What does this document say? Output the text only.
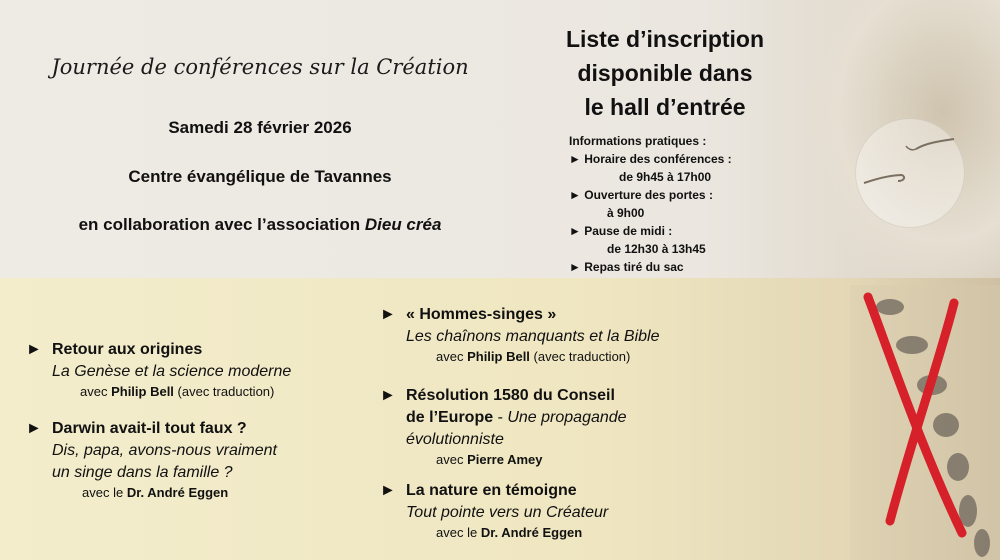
Journée de conférences sur la Création
Samedi 28 février 2026
Centre évangélique de Tavannes
en collaboration avec l’association Dieu créa
Liste d’inscription
disponible dans
le hall d’entrée
Informations pratiques :
► Horaire des conférences :
de 9h45 à 17h00
► Ouverture des portes :
à 9h00
► Pause de midi :
de 12h30 à 13h45
► Repas tiré du sac
► Retour aux origines
La Genèse et la science moderne
avec Philip Bell (avec traduction)
► Darwin avait-il tout faux ?
Dis, papa, avons-nous vraiment
un singe dans la famille ?
avec le Dr. André Eggen
► « Hommes-singes »
Les chaînons manquants et la Bible
avec Philip Bell (avec traduction)
► Résolution 1580 du Conseil
de l’Europe - Une propagande
évolutionniste
avec Pierre Amey
► La nature en témoigne
Tout pointe vers un Créateur
avec le Dr. André Eggen
